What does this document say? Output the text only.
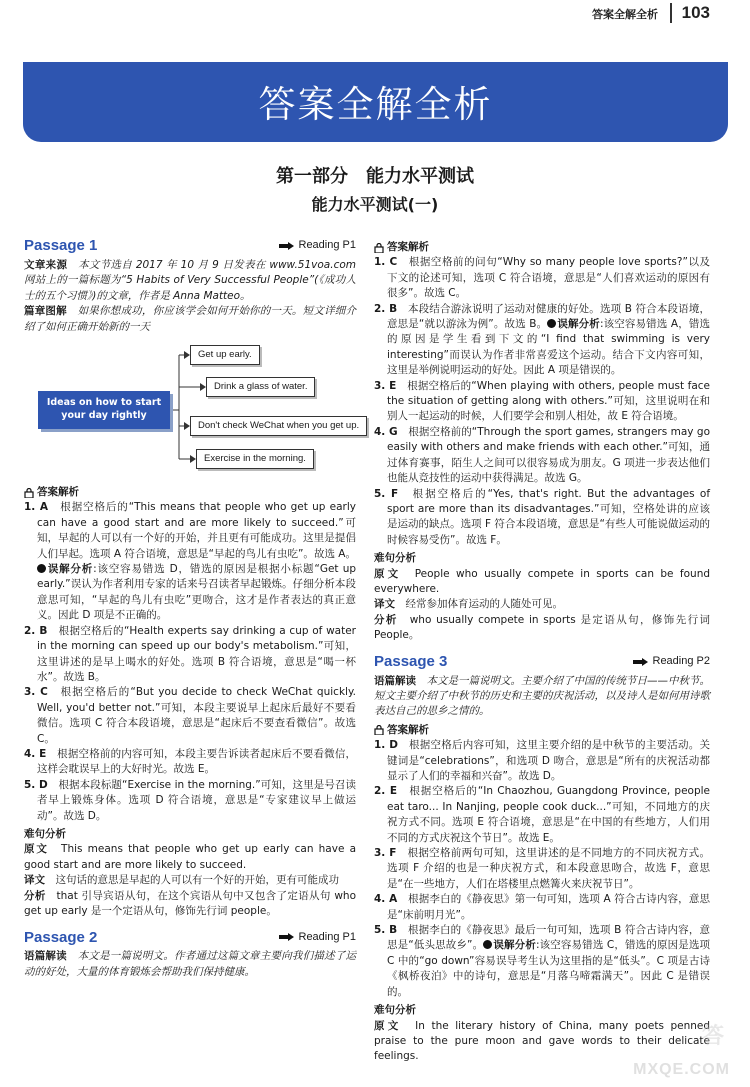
答案全解全析 103
答案全解全析
第一部分　能力水平测试
能力水平测试(一)
Passage 1	Reading P1

文章来源　 本文节选自 2017 年 10 月 9 日发表在 www.51voa.com 网站上的一篇标题为“5 Habits of Very Successful People”(《成功人士的五个习惯》)的文章，作者是 Anna Matteo。

篇章图解　 如果你想成功，你应该学会如何开始你的一天。短文详细介绍了如何正确开始新的一天

Ideas on how to start your day rightly
Get up early.
Drink a glass of water.
Don't check WeChat when you get up.
Exercise in the morning.
答案解析

1. A　 根据空格后的“This means that people who get up early can have a good start and are more likely to succeed.”可知，早起的人可以有一个好的开始，并且更有可能成功。这里是提倡人们早起。选项 A 符合语境，意思是“早起的鸟儿有虫吃”。故选 A。误解分析:该空容易错选 D，错选的原因是根据小标题“Get up early.”误认为作者利用专家的话来号召读者早起锻炼。仔细分析本段意思可知，“早起的鸟儿有虫吃”更吻合，这才是作者表达的真正意义。因此 D 项是不正确的。

2. B　 根据空格后的“Health experts say drinking a cup of water in the morning can speed up our body's metabolism.”可知，这里讲述的是早上喝水的好处。选项 B 符合语境，意思是“喝一杯水”。故选 B。

3. C　 根据空格后的“But you decide to check WeChat quickly. Well, you'd better not.”可知，本段主要说早上起床后最好不要看微信。选项 C 符合本段语境，意思是“起床后不要查看微信”。故选 C。

4. E　 根据空格前的内容可知，本段主要告诉读者起床后不要看微信，这样会耽误早上的大好时光。故选 E。

5. D　 根据本段标题“Exercise in the morning.”可知，这里是号召读者早上锻炼身体。选项 D 符合语境，意思是“专家建议早上做运动”。故选 D。

难句分析

原文　 This means that people who get up early can have a good start and are more likely to succeed.

译文　 这句话的意思是早起的人可以有一个好的开始，更有可能成功

分析　 that 引导宾语从句，在这个宾语从句中又包含了定语从句 who get up early 是一个定语从句，修饰先行词 people。

Passage 2	Reading P1

语篇解读　 本文是一篇说明文。作者通过这篇文章主要向我们描述了运动的好处，大量的体育锻炼会帮助我们保持健康。

答案解析

1. C　 根据空格前的问句“Why so many people love sports?”以及下文的论述可知，选项 C 符合语境，意思是“人们喜欢运动的原因有很多”。故选 C。

2. B　 本段结合游泳说明了运动对健康的好处。选项 B 符合本段语境，意思是“就以游泳为例”。故选 B。 误解分析:该空容易错选 A，错选的原因是学生看到下文的“I find that swimming is very interesting”而误认为作者非常喜爱这个运动。结合下文内容可知，这里是举例说明运动的好处。因此 A 项是错误的。

3. E　 根据空格后的“When playing with others, people must face the situation of getting along with others.”可知，这里说明在和别人一起运动的时候，人们要学会和别人相处，故 E 符合语境。

4. G　 根据空格前的“Through the sport games, strangers may go easily with others and make friends with each other.”可知，通过体育赛事，陌生人之间可以很容易成为朋友。G 项进一步表达他们也能从竞技性的运动中获得满足。故选 G。

5. F　 根据空格后的“Yes, that's right. But the advantages of sport are more than its disadvantages.”可知，空格处讲的应该是运动的缺点。选项 F 符合本段语境，意思是“有些人可能说做运动的时候容易受伤”。故选 F。

难句分析

原文　 People who usually compete in sports can be found everywhere.

译文　 经常参加体育运动的人随处可见。

分析　 who usually compete in sports 是定语从句，修饰先行词 People。

Passage 3	Reading P2

语篇解读　 本文是一篇说明文。主要介绍了中国的传统节日——中秋节。短文主要介绍了中秋节的历史和主要的庆祝活动，以及诗人是如何用诗歌表达自己的思乡之情的。

答案解析

1. D　 根据空格后内容可知，这里主要介绍的是中秋节的主要活动。关键词是“celebrations”，和选项 D 吻合，意思是“所有的庆祝活动都显示了人们的幸福和兴奋”。故选 D。

2. E　 根据空格后的“In Chaozhou, Guangdong Province, people eat taro... In Nanjing, people cook duck...”可知，不同地方的庆祝方式不同。选项 E 符合语境，意思是“在中国的有些地方，人们用不同的方式庆祝这个节日”。故选 E。

3. F　 根据空格前两句可知，这里讲述的是不同地方的不同庆祝方式。选项 F 介绍的也是一种庆祝方式，和本段意思吻合，故选 F，意思是“在一些地方，人们在塔楼里点燃篝火来庆祝节日”。

4. A　 根据李白的《静夜思》第一句可知，选项 A 符合古诗内容，意思是“床前明月光”。

5. B　 根据李白的《静夜思》最后一句可知，选项 B 符合古诗内容，意思是“低头思故乡”。 误解分析:该空容易错选 C，错选的原因是选项 C 中的“go down”容易误导考生认为这里指的是“低头”。C 项是古诗《枫桥夜泊》中的诗句，意思是“月落乌啼霜满天”。因此 C 是错误的。

难句分析

原文　 In the literary history of China, many poets penned praise to the pure moon and gave words to their delicate feelings.

答
MXQE.COM
